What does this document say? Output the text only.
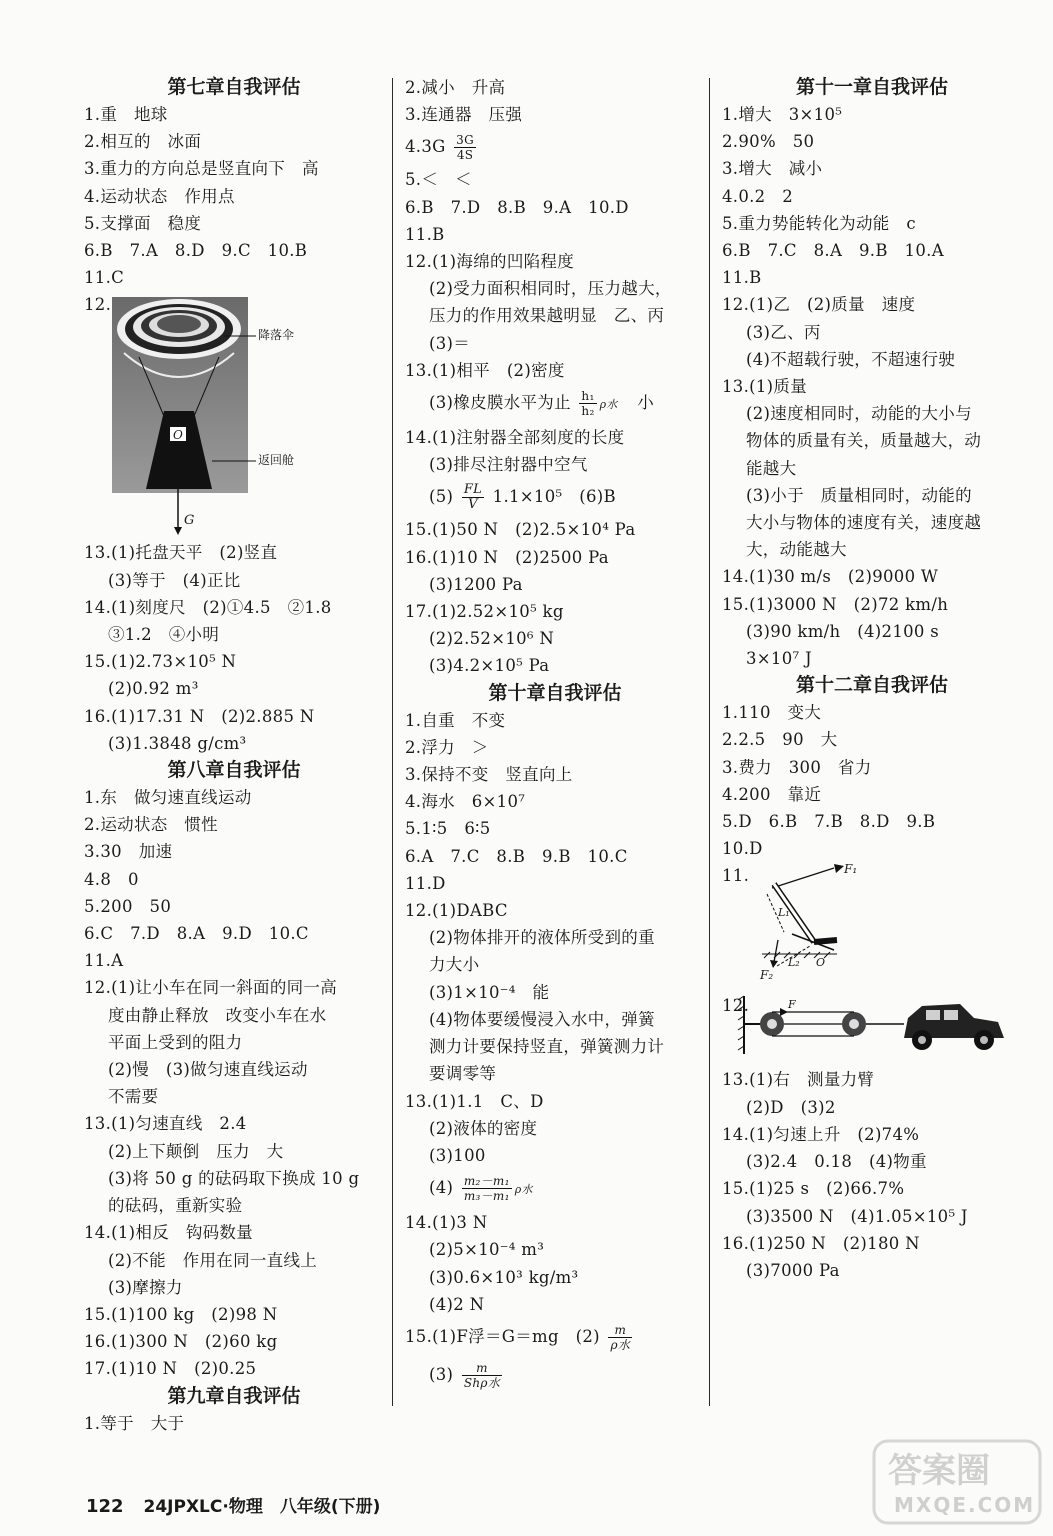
第七章自我评估
1.重　地球
2.相互的　冰面
3.重力的方向总是竖直向下　高
4.运动状态　作用点
5.支撑面　稳度
6.B　7.A　8.D　9.C　10.B
11.C
12.
O
降落伞
返回舱
G
13.(1)托盘天平　(2)竖直
(3)等于　(4)正比
14.(1)刻度尺　(2)①4.5　②1.8
③1.2　④小明
15.(1)2.73×10⁵ N
(2)0.92 m³
16.(1)17.31 N　(2)2.885 N
(3)1.3848 g/cm³
第八章自我评估
1.东　做匀速直线运动
2.运动状态　惯性
3.30　加速
4.8　0
5.200　50
6.C　7.D　8.A　9.D　10.C
11.A
12.(1)让小车在同一斜面的同一高
度由静止释放　改变小车在水
平面上受到的阻力
(2)慢　(3)做匀速直线运动
不需要
13.(1)匀速直线　2.4
(2)上下颠倒　压力　大
(3)将 50 g 的砝码取下换成 10 g
的砝码，重新实验
14.(1)相反　钩码数量
(2)不能　作用在同一直线上
(3)摩擦力
15.(1)100 kg　(2)98 N
16.(1)300 N　(2)60 kg
17.(1)10 N　(2)0.25
第九章自我评估
1.等于　大于
2.减小　升高
3.连通器　压强
$4.3G \frac{3G}{4S}$
5.＜　＜
6.B　7.D　8.B　9.A　10.D
11.B
12.(1)海绵的凹陷程度
(2)受力面积相同时，压力越大，
压力的作用效果越明显　乙、丙
(3)＝
13.(1)相平　(2)密度
(3)橡皮膜水平为止 $\frac{\text{h₁}}{\text{h₂}}$ ρ水 小
14.(1)注射器全部刻度的长度
(3)排尽注射器中空气
$(5) \frac{FL}{V} 1.1\times 10^5$　(6)B
15.(1)50 N　(2)2.5×10⁴ Pa
16.(1)10 N　(2)2500 Pa
(3)1200 Pa
17.(1)2.52×10⁵ kg
(2)2.52×10⁶ N
(3)4.2×10⁵ Pa
第十章自我评估
1.自重　不变
2.浮力　＞
3.保持不变　竖直向上
4.海水　6×10⁷
5.1∶5　6∶5
6.A　7.C　8.B　9.B　10.C
11.D
12.(1)DABC
(2)物体排开的液体所受到的重
力大小
(3)1×10⁻⁴　能
(4)物体要缓慢浸入水中，弹簧
测力计要保持竖直，弹簧测力计
要调零等
13.(1)1.1　C、D
(2)液体的密度
(3)100
$(4) \frac{\text{m₂－m₁}}{\text{m₃－m₁}}$ ρ水
14.(1)3 N
(2)5×10⁻⁴ m³
(3)0.6×10³ kg/m³
(4)2 N
15.(1)F浮＝G＝mg　$(2) \frac{m}{\text{ρ水}}$
$(3) \frac{m}{\text{Shρ水}}$
第十一章自我评估
1.增大　3×10⁵
2.90%　50
3.增大　减小
4.0.2　2
5.重力势能转化为动能　c
6.B　7.C　8.A　9.B　10.A
11.B
12.(1)乙　(2)质量　速度
(3)乙、丙
(4)不超载行驶，不超速行驶
13.(1)质量
(2)速度相同时，动能的大小与
物体的质量有关，质量越大，动
能越大
(3)小于　质量相同时，动能的
大小与物体的速度有关，速度越
大，动能越大
14.(1)30 m/s　(2)9000 W
15.(1)3000 N　(2)72 km/h
(3)90 km/h　(4)2100 s
3×10⁷ J
第十二章自我评估
1.110　变大
2.2.5　90　大
3.费力　300　省力
4.200　靠近
5.D　6.B　7.B　8.D　9.B
10.D
11.	F₁
F₂
L₁
L₂ O
12.	F
13.(1)右　测量力臂
(2)D　(3)2
14.(1)匀速上升　(2)74%
(3)2.4　0.18　(4)物重
15.(1)25 s　(2)66.7%
(3)3500 N　(4)1.05×10⁵ J
16.(1)250 N　(2)180 N
(3)7000 Pa
122 24JPXLC·物理　八年级(下册)
答案圈
MXQE.COM
